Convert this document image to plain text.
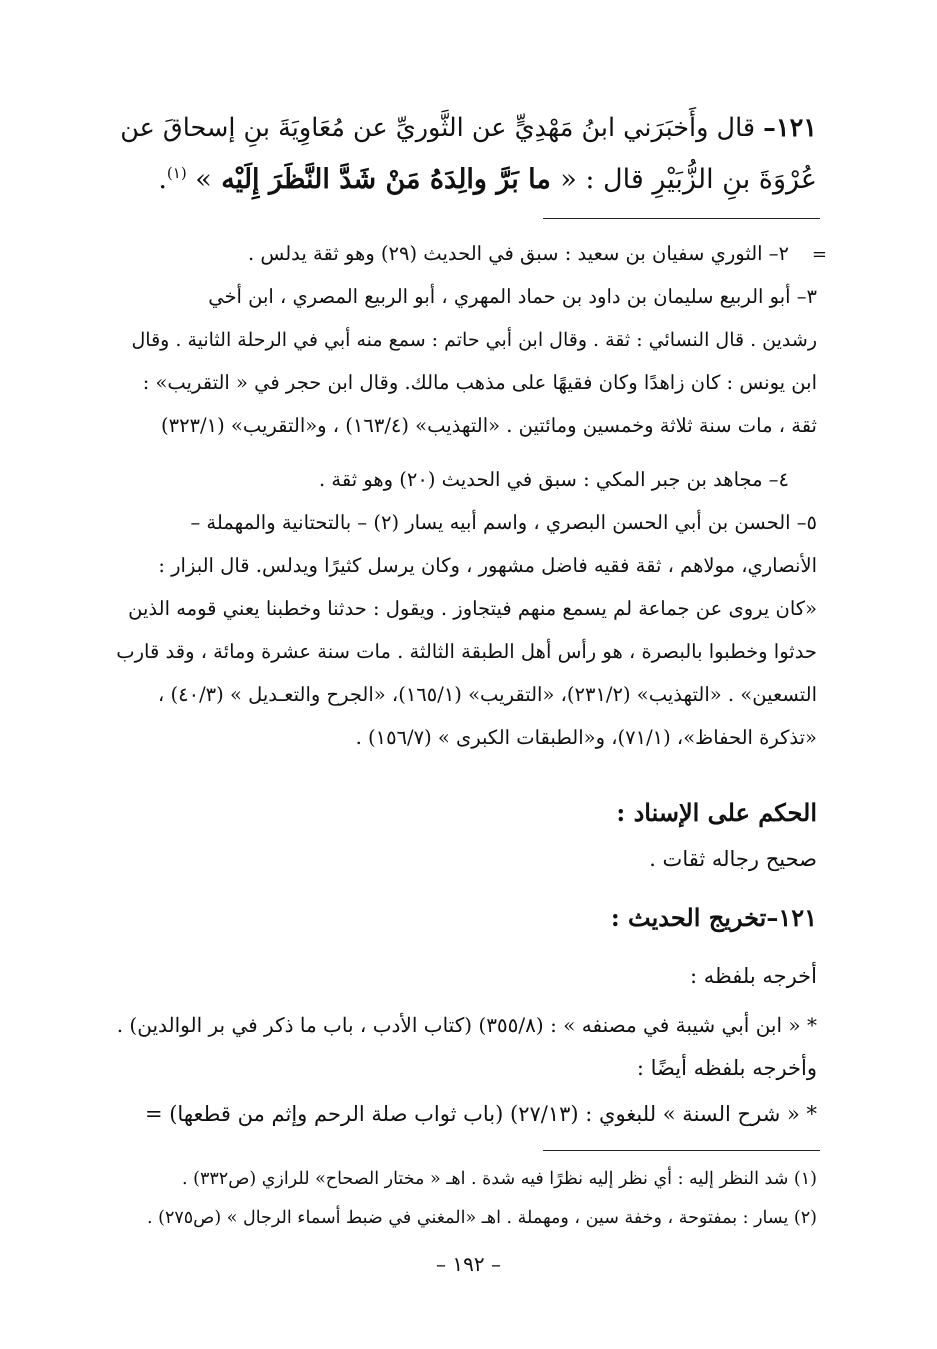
١٢١– قال وأَخبَرَني ابنُ مَهْدِيٍّ عن الثَّوريِّ عن مُعَاوِيَةَ بنِ إسحاقَ عن
عُرْوَةَ بنِ الزُّبَيْرِ قال : « ما بَرَّ والِدَهُ مَنْ شَدَّ النَّظَرَ إِلَيْه » $^{(١)}$.
=
٢– الثوري سفيان بن سعيد : سبق في الحديث (٢٩) وهو ثقة يدلس .
٣– أبو الربيع سليمان بن داود بن حماد المهري ، أبو الربيع المصري ، ابن أخي
رشدين . قال النسائي : ثقة . وقال ابن أبي حاتم : سمع منه أبي في الرحلة الثانية . وقال
ابن يونس : كان زاهدًا وكان فقيهًا على مذهب مالك. وقال ابن حجر في « التقريب» :
ثقة ، مات سنة ثلاثة وخمسين ومائتين . «التهذيب» (١٦٣/٤) ، و«التقريب» (٣٢٣/١)
٤– مجاهد بن جبر المكي : سبق في الحديث (٢٠) وهو ثقة .
٥– الحسن بن أبي الحسن البصري ، واسم أبيه يسار (٢) – بالتحتانية والمهملة –
الأنصاري، مولاهم ، ثقة فقيه فاضل مشهور ، وكان يرسل كثيرًا ويدلس. قال البزار :
«كان يروى عن جماعة لم يسمع منهم فيتجاوز . ويقول : حدثنا وخطبنا يعني قومه الذين
حدثوا وخطبوا بالبصرة ، هو رأس أهل الطبقة الثالثة . مات سنة عشرة ومائة ، وقد قارب
التسعين» . «التهذيب» (٢٣١/٢)، «التقريب» (١٦٥/١)، «الجرح والتعـديل » (٤٠/٣) ،
«تذكرة الحفاظ»، (٧١/١)، و«الطبقات الكبرى » (١٥٦/٧) .
الحكم على الإسناد :
صحيح رجاله ثقات .
١٢١–تخريج الحديث :
أخرجه بلفظه :
* « ابن أبي شيبة في مصنفه » : (٣٥٥/٨) (كتاب الأدب ، باب ما ذكر في بر الوالدين) .
وأخرجه بلفظه أيضًا :
* « شرح السنة » للبغوي : (٢٧/١٣) (باب ثواب صلة الرحم وإثم من قطعها) =
(١) شد النظر إليه : أي نظر إليه نظرًا فيه شدة . اهـ « مختار الصحاح» للرازي (ص٣٣٢) .
(٢) يسار : بمفتوحة ، وخفة سين ، ومهملة . اهـ «المغني في ضبط أسماء الرجال » (ص٢٧٥) .
– ١٩٢ –
